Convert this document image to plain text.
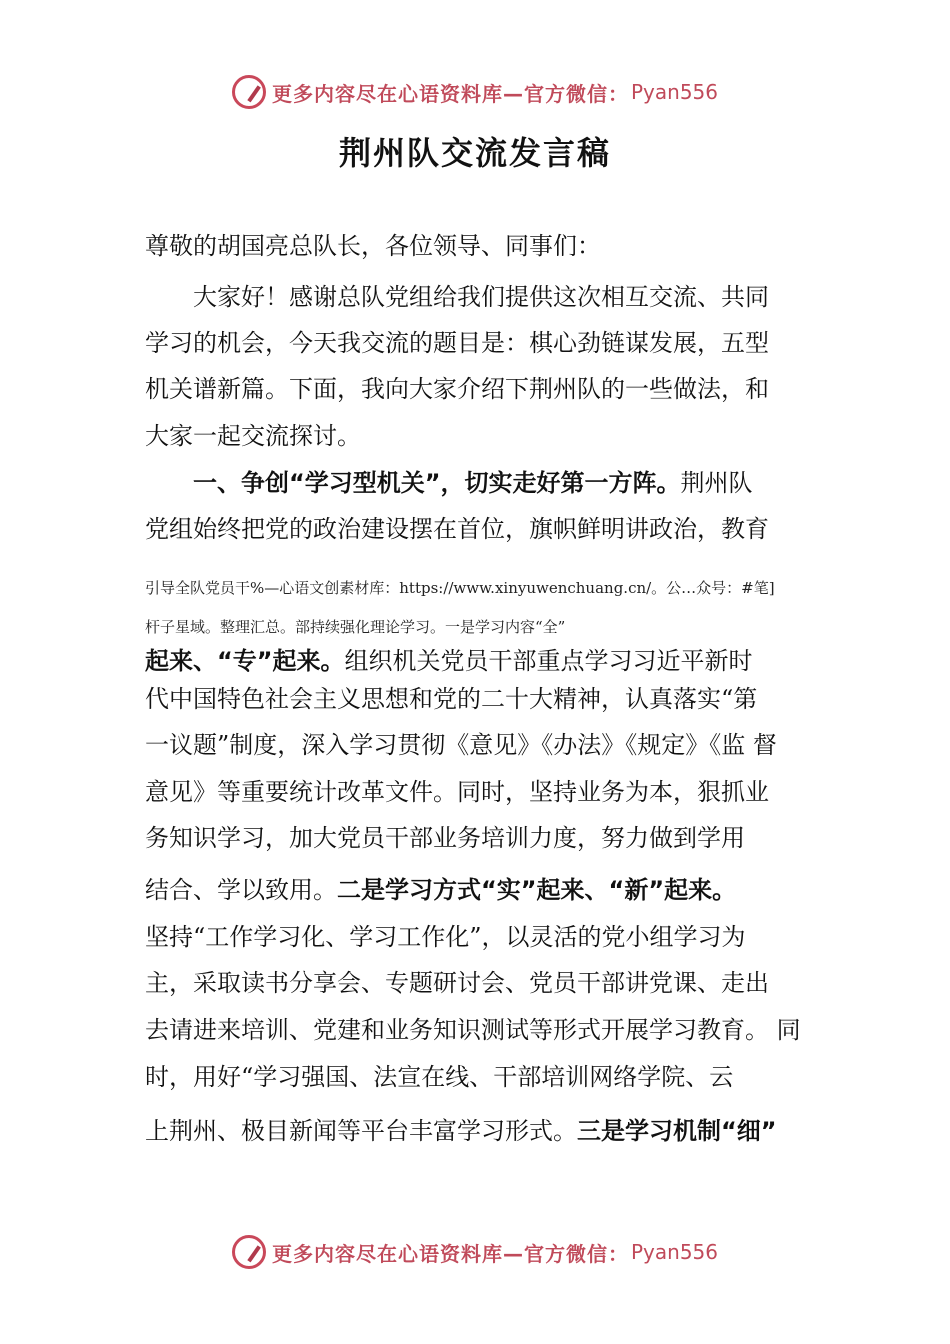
更多内容尽在心语资料库—官方微信： Pyan556
荆州队交流发言稿
尊敬的胡国亮总队长，各位领导、同事们：
大家好！感谢总队党组给我们提供这次相互交流、共同
学习的机会，今天我交流的题目是：棋心劲链谋发展，五型
机关谱新篇。下面，我向大家介绍下荆州队的一些做法，和
大家一起交流探讨。
一、争创“学习型机关”，切实走好第一方阵。荆州队
党组始终把党的政治建设摆在首位，旗帜鲜明讲政治，教育
引导全队党员干%—心语文创素材库：https://www.xinyuwenchuang.cn/。公…众号：#笔]
杆子星域。整理汇总。部持续强化理论学习。一是学习内容“全”
起来、“专”起来。组织机关党员干部重点学习习近平新时
代中国特色社会主义思想和党的二十大精神，认真落实“第
一议题”制度，深入学习贯彻《意见》《办法》《规定》《监 督
意见》等重要统计改革文件。同时，坚持业务为本，狠抓业
务知识学习，加大党员干部业务培训力度，努力做到学用
结合、学以致用。二是学习方式“实”起来、“新”起来。
坚持“工作学习化、学习工作化”，以灵活的党小组学习为
主，采取读书分享会、专题研讨会、党员干部讲党课、走出
去请进来培训、党建和业务知识测试等形式开展学习教育。 同
时，用好“学习强国、法宣在线、干部培训网络学院、云
上荆州、极目新闻等平台丰富学习形式。三是学习机制“细”
更多内容尽在心语资料库—官方微信： Pyan556
